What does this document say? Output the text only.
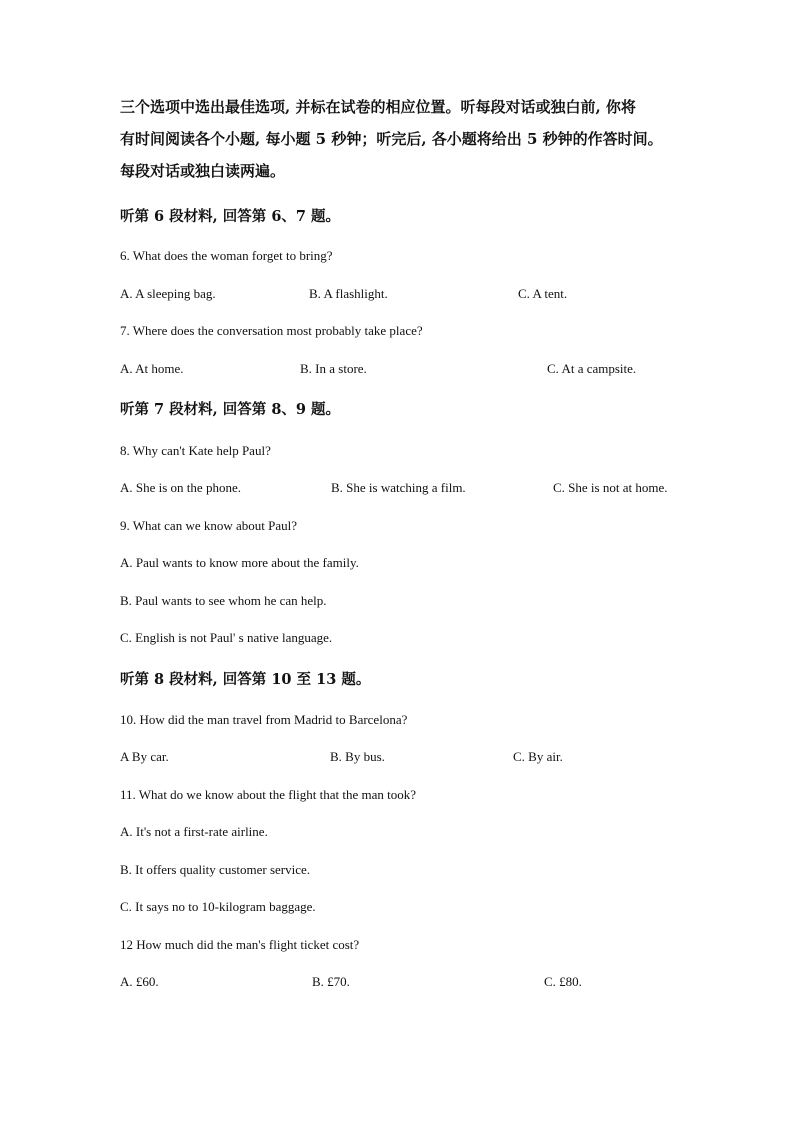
三个选项中选出最佳选项, 并标在试卷的相应位置。听每段对话或独白前, 你将
有时间阅读各个小题, 每小题 5 秒钟；听完后, 各小题将给出 5 秒钟的作答时间。
每段对话或独白读两遍。
听第 6 段材料, 回答第 6、7 题。
6. What does the woman forget to bring?
A. A sleeping bag.	B. A flashlight.	C. A tent.
7. Where does the conversation most probably take place?
A. At home.	B. In a store.	C. At a campsite.
听第 7 段材料, 回答第 8、9 题。
8. Why can't Kate help Paul?
A. She is on the phone.	B. She is watching a film.	C. She is not at home.
9. What can we know about Paul?
A. Paul wants to know more about the family.
B. Paul wants to see whom he can help.
C. English is not Paul' s native language.
听第 8 段材料, 回答第 10 至 13 题。
10. How did the man travel from Madrid to Barcelona?
A By car.	B. By bus.	C. By air.
11. What do we know about the flight that the man took?
A. It's not a first-rate airline.
B. It offers quality customer service.
C. It says no to 10-kilogram baggage.
12 How much did the man's flight ticket cost?
A. £60.	B. £70.	C. £80.
